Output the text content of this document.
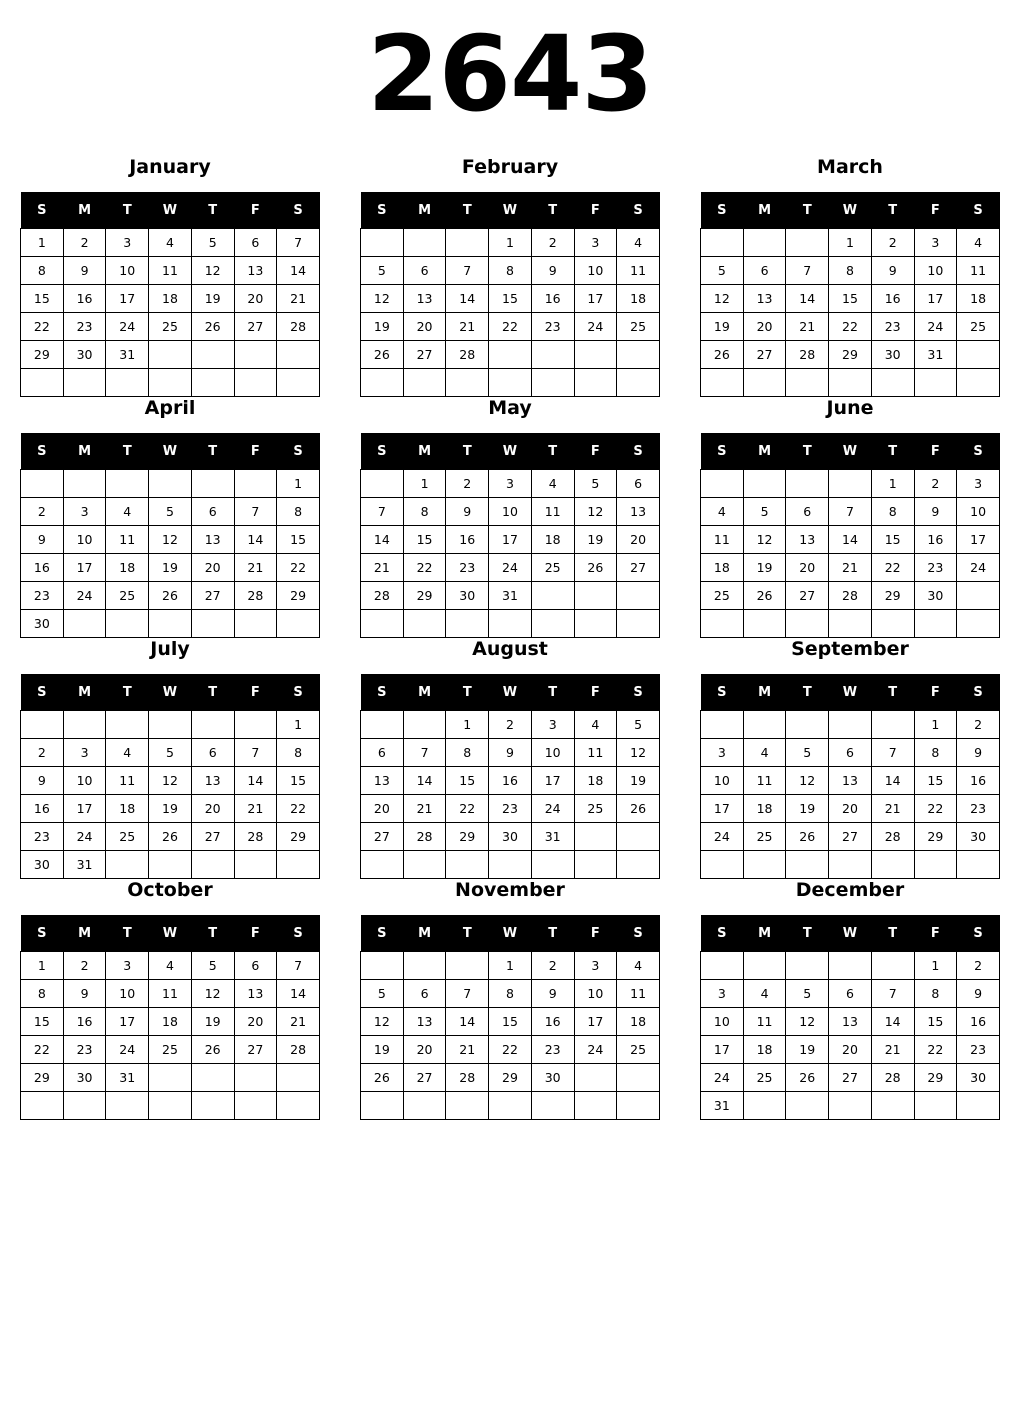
2643
January
S	M	T	W	T	F	S
1	2	3	4	5	6	7
8	9	10	11	12	13	14
15	16	17	18	19	20	21
22	23	24	25	26	27	28
29	30	31				

February
S	M	T	W	T	F	S
			1	2	3	4
5	6	7	8	9	10	11
12	13	14	15	16	17	18
19	20	21	22	23	24	25
26	27	28				

March
S	M	T	W	T	F	S
			1	2	3	4
5	6	7	8	9	10	11
12	13	14	15	16	17	18
19	20	21	22	23	24	25
26	27	28	29	30	31	

April
S	M	T	W	T	F	S
						1
2	3	4	5	6	7	8
9	10	11	12	13	14	15
16	17	18	19	20	21	22
23	24	25	26	27	28	29
30						
May
S	M	T	W	T	F	S
	1	2	3	4	5	6
7	8	9	10	11	12	13
14	15	16	17	18	19	20
21	22	23	24	25	26	27
28	29	30	31			

June
S	M	T	W	T	F	S
				1	2	3
4	5	6	7	8	9	10
11	12	13	14	15	16	17
18	19	20	21	22	23	24
25	26	27	28	29	30	

July
S	M	T	W	T	F	S
						1
2	3	4	5	6	7	8
9	10	11	12	13	14	15
16	17	18	19	20	21	22
23	24	25	26	27	28	29
30	31					
August
S	M	T	W	T	F	S
		1	2	3	4	5
6	7	8	9	10	11	12
13	14	15	16	17	18	19
20	21	22	23	24	25	26
27	28	29	30	31		

September
S	M	T	W	T	F	S
					1	2
3	4	5	6	7	8	9
10	11	12	13	14	15	16
17	18	19	20	21	22	23
24	25	26	27	28	29	30

October
S	M	T	W	T	F	S
1	2	3	4	5	6	7
8	9	10	11	12	13	14
15	16	17	18	19	20	21
22	23	24	25	26	27	28
29	30	31				

November
S	M	T	W	T	F	S
			1	2	3	4
5	6	7	8	9	10	11
12	13	14	15	16	17	18
19	20	21	22	23	24	25
26	27	28	29	30		

December
S	M	T	W	T	F	S
					1	2
3	4	5	6	7	8	9
10	11	12	13	14	15	16
17	18	19	20	21	22	23
24	25	26	27	28	29	30
31						
